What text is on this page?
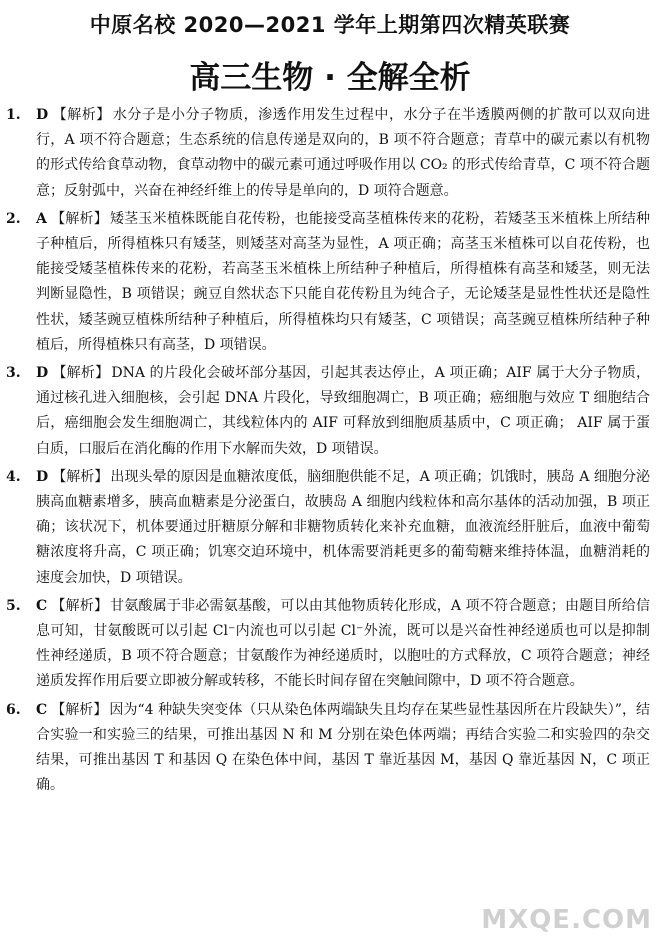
中原名校 2020—2021 学年上期第四次精英联赛
高三生物 · 全解全析
1. D 【解析】 水分子是小分子物质，渗透作用发生过程中，水分子在半透膜两侧的扩散可以双向进行，A 项不符合题意；生态系统的信息传递是双向的，B 项不符合题意；青草中的碳元素以有机物的形式传给食草动物，食草动物中的碳元素可通过呼吸作用以 CO₂ 的形式传给青草，C 项不符合题意；反射弧中，兴奋在神经纤维上的传导是单向的，D 项符合题意。
2. A 【解析】 矮茎玉米植株既能自花传粉，也能接受高茎植株传来的花粉，若矮茎玉米植株上所结种子种植后，所得植株只有矮茎，则矮茎对高茎为显性，A 项正确；高茎玉米植株可以自花传粉，也能接受矮茎植株传来的花粉，若高茎玉米植株上所结种子种植后，所得植株有高茎和矮茎，则无法判断显隐性，B 项错误；豌豆自然状态下只能自花传粉且为纯合子，无论矮茎是显性性状还是隐性性状，矮茎豌豆植株所结种子种植后，所得植株均只有矮茎，C 项错误；高茎豌豆植株所结种子种植后，所得植株只有高茎，D 项错误。
3. D 【解析】 DNA 的片段化会破坏部分基因，引起其表达停止，A 项正确；AIF 属于大分子物质，通过核孔进入细胞核，会引起 DNA 片段化，导致细胞凋亡，B 项正确；癌细胞与效应 T 细胞结合后，癌细胞会发生细胞凋亡，其线粒体内的 AIF 可释放到细胞质基质中，C 项正确； AIF 属于蛋白质，口服后在消化酶的作用下水解而失效，D 项错误。
4. D 【解析】 出现头晕的原因是血糖浓度低，脑细胞供能不足，A 项正确；饥饿时，胰岛 A 细胞分泌胰高血糖素增多，胰高血糖素是分泌蛋白，故胰岛 A 细胞内线粒体和高尔基体的活动加强，B 项正确；该状况下，机体要通过肝糖原分解和非糖物质转化来补充血糖，血液流经肝脏后，血液中葡萄糖浓度将升高，C 项正确；饥寒交迫环境中，机体需要消耗更多的葡萄糖来维持体温，血糖消耗的速度会加快，D 项错误。
5. C 【解析】 甘氨酸属于非必需氨基酸，可以由其他物质转化形成，A 项不符合题意；由题目所给信息可知，甘氨酸既可以引起 Cl⁻内流也可以引起 Cl⁻外流，既可以是兴奋性神经递质也可以是抑制性神经递质，B 项不符合题意；甘氨酸作为神经递质时，以胞吐的方式释放，C 项符合题意；神经递质发挥作用后要立即被分解或转移，不能长时间存留在突触间隙中，D 项不符合题意。
6. C 【解析】 因为“4 种缺失突变体（只从染色体两端缺失且均存在某些显性基因所在片段缺失）”，结合实验一和实验三的结果，可推出基因 N 和 M 分别在染色体两端；再结合实验二和实验四的杂交结果，可推出基因 T 和基因 Q 在染色体中间，基因 T 靠近基因 M，基因 Q 靠近基因 N，C 项正确。
MXQE.COM
